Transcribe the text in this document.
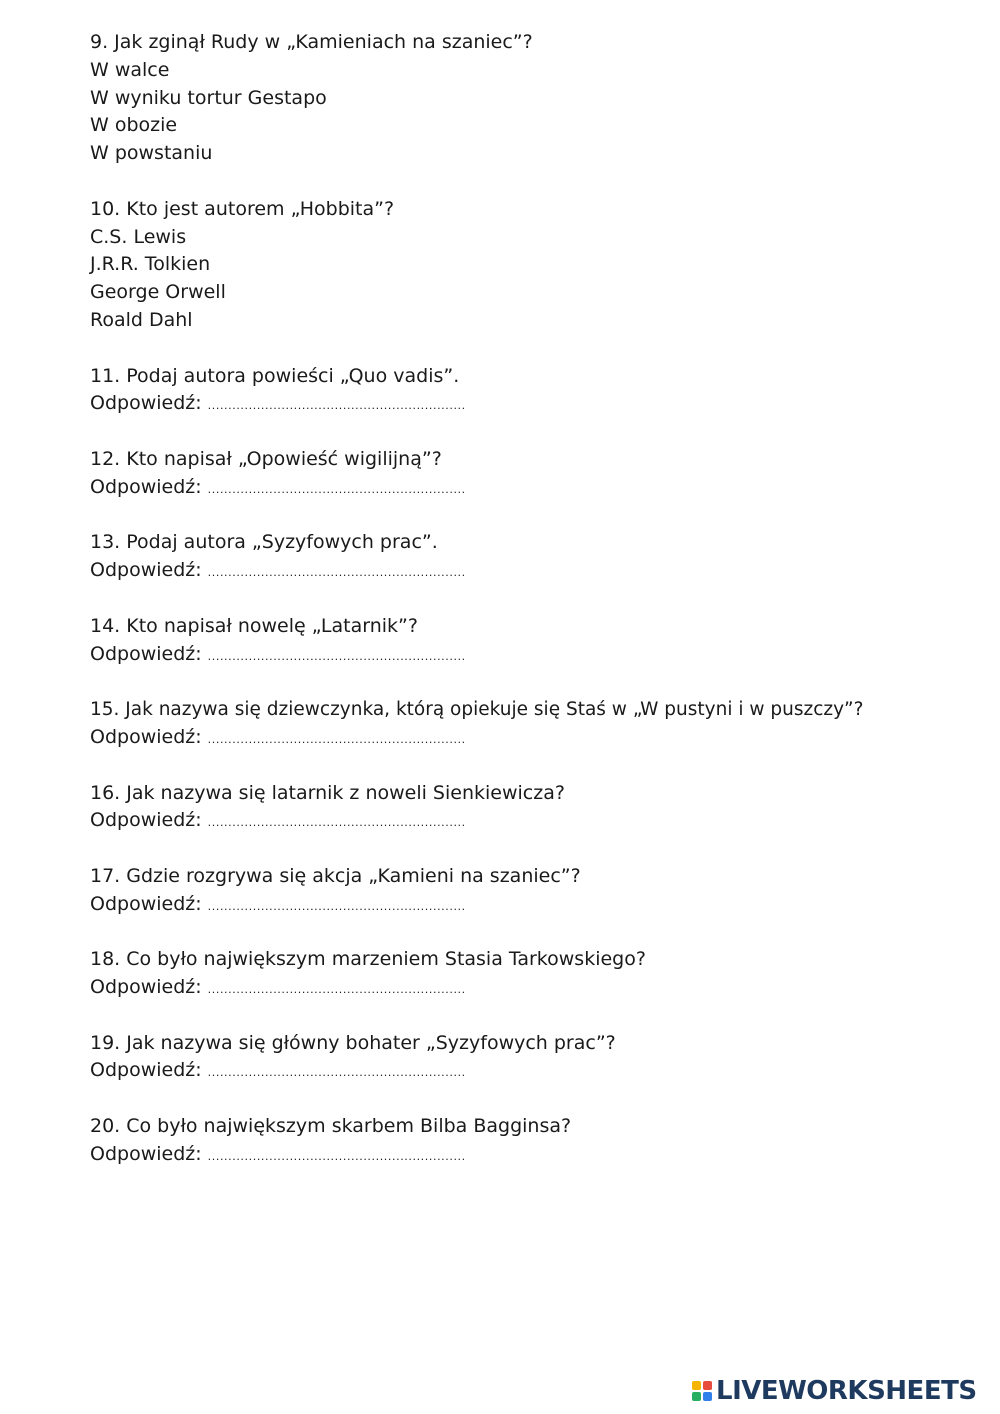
9. Jak zginął Rudy w „Kamieniach na szaniec”?
W walce
W wyniku tortur Gestapo
W obozie
W powstaniu
10. Kto jest autorem „Hobbita”?
C.S. Lewis
J.R.R. Tolkien
George Orwell
Roald Dahl
11. Podaj autora powieści „Quo vadis”.
Odpowiedź: ...............................................................
12. Kto napisał „Opowieść wigilijną”?
Odpowiedź: ...............................................................
13. Podaj autora „Syzyfowych prac”.
Odpowiedź: ...............................................................
14. Kto napisał nowelę „Latarnik”?
Odpowiedź: ...............................................................
15. Jak nazywa się dziewczynka, którą opiekuje się Staś w „W pustyni i w puszczy”?
Odpowiedź: ...............................................................
16. Jak nazywa się latarnik z noweli Sienkiewicza?
Odpowiedź: ...............................................................
17. Gdzie rozgrywa się akcja „Kamieni na szaniec”?
Odpowiedź: ...............................................................
18. Co było największym marzeniem Stasia Tarkowskiego?
Odpowiedź: ...............................................................
19. Jak nazywa się główny bohater „Syzyfowych prac”?
Odpowiedź: ...............................................................
20. Co było największym skarbem Bilba Bagginsa?
Odpowiedź: ...............................................................
LIVEWORKSHEETS
